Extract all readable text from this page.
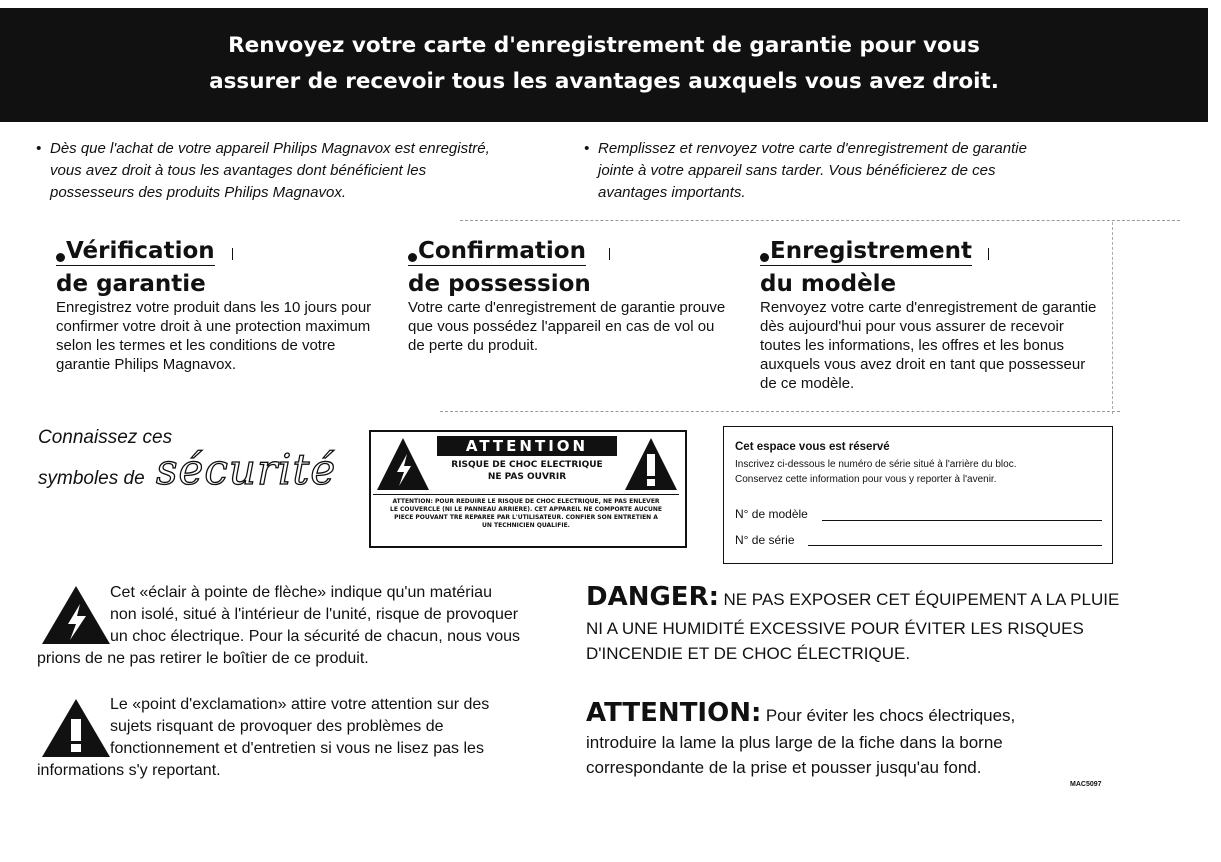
Renvoyez votre carte d'enregistrement de garantie pour vous
assurer de recevoir tous les avantages auxquels vous avez droit.
• Dès que l'achat de votre appareil Philips Magnavox est enregistré,
vous avez droit à tous les avantages dont bénéficient les
possesseurs des produits Philips Magnavox.
• Remplissez et renvoyez votre carte d'enregistrement de garantie
jointe à votre appareil sans tarder. Vous bénéficierez de ces
avantages importants.
Vérification
de garantie
Enregistrez votre produit dans les 10 jours pour confirmer votre droit à une protection maximum selon les termes et les conditions de votre garantie Philips Magnavox.
Confirmation
de possession
Votre carte d'enregistrement de garantie prouve que vous possédez l'appareil en cas de vol ou de perte du produit.
Enregistrement
du modèle
Renvoyez votre carte d'enregistrement de garantie dès aujourd'hui pour vous assurer de recevoir toutes les informations, les offres et les bonus auxquels vous avez droit en tant que possesseur de ce modèle.
Connaissez ces
symboles de sécurité	ATTENTION
RISQUE DE CHOC ELECTRIQUE
NE PAS OUVRIR
ATTENTION: POUR REDUIRE LE RISQUE DE CHOC ELECTRIQUE, NE PAS ENLEVER
LE COUVERCLE (NI LE PANNEAU ARRIERE). CET APPAREIL NE COMPORTE AUCUNE
PIECE POUVANT TRE REPAREE PAR L'UTILISATEUR. CONFIER SON ENTRETIEN A
UN TECHNICIEN QUALIFIE.
Cet espace vous est réservé
Inscrivez ci-dessous le numéro de série situé à l'arrière du bloc.
Conservez cette information pour vous y reporter à l'avenir.
N° de modèle
N° de série
Cet «éclair à pointe de flèche» indique qu'un matériau
non isolé, situé à l'intérieur de l'unité, risque de provoquer
un choc électrique. Pour la sécurité de chacun, nous vous
prions de ne pas retirer le boîtier de ce produit.
Le «point d'exclamation» attire votre attention sur des
sujets risquant de provoquer des problèmes de
fonctionnement et d'entretien si vous ne lisez pas les
informations s'y reportant.
DANGER: NE PAS EXPOSER CET ÉQUIPEMENT A LA PLUIE
NI A UNE HUMIDITÉ EXCESSIVE POUR ÉVITER LES RISQUES
D'INCENDIE ET DE CHOC ÉLECTRIQUE.
ATTENTION: Pour éviter les chocs électriques,
introduire la lame la plus large de la fiche dans la borne
correspondante de la prise et pousser jusqu'au fond.
MAC5097
